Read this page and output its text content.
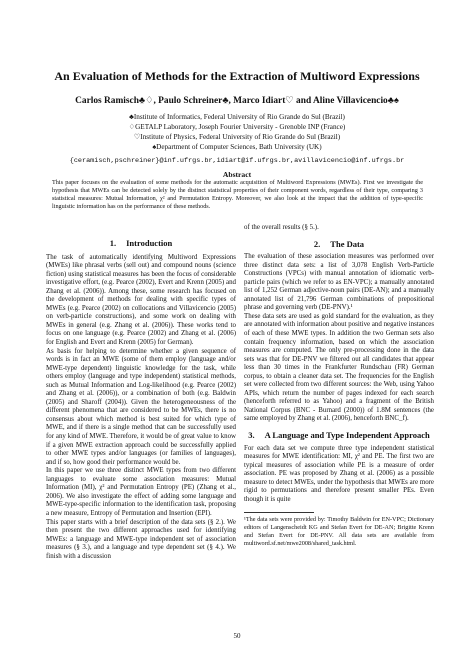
An Evaluation of Methods for the Extraction of Multiword Expressions
Carlos Ramisch♣♢, Paulo Schreiner♣, Marco Idiart♡ and Aline Villavicencio♣♠
♣Institute of Informatics, Federal University of Rio Grande do Sul (Brazil)
♢GETALP Laboratory, Joseph Fourier University - Grenoble INP (France)
♡Institute of Physics, Federal University of Rio Grande do Sul (Brazil)
♠Department of Computer Sciences, Bath University (UK)
{ceramisch,pschreiner}@inf.ufrgs.br,idiart@if.ufrgs.br,avillavicencio@inf.ufrgs.br
Abstract
This paper focuses on the evaluation of some methods for the automatic acquisition of Multiword Expressions (MWEs). First we investigate the hypothesis that MWEs can be detected solely by the distinct statistical properties of their component words, regardless of their type, comparing 3 statistical measures: Mutual Information, χ² and Permutation Entropy. Moreover, we also look at the impact that the addition of type-specific linguistic information has on the performance of these methods.

1. Introduction

The task of automatically identifying Multiword Expressions (MWEs) like phrasal verbs (sell out) and compound nouns (science fiction) using statistical measures has been the focus of considerable investigative effort, (e.g. Pearce (2002), Evert and Krenn (2005) and Zhang et al. (2006)). Among these, some research has focused on the development of methods for dealing with specific types of MWEs (e.g. Pearce (2002) on collocations and Villavicencio (2005) on verb-particle constructions), and some work on dealing with MWEs in general (e.g. Zhang et al. (2006)). These works tend to focus on one language (e.g. Pearce (2002) and Zhang et al. (2006) for English and Evert and Krenn (2005) for German).

As basis for helping to determine whether a given sequence of words is in fact an MWE (some of them employ (language and/or MWE-type dependent) linguistic knowledge for the task, while others employ (language and type independent) statistical methods, such as Mutual Information and Log-likelihood (e.g. Pearce (2002) and Zhang et al. (2006)), or a combination of both (e.g. Baldwin (2005) and Sharoff (2004)). Given the heterogeneousness of the different phenomena that are considered to be MWEs, there is no consensus about which method is best suited for which type of MWE, and if there is a single method that can be successfully used for any kind of MWE. Therefore, it would be of great value to know if a given MWE extraction approach could be successfully applied to other MWE types and/or languages (or families of languages), and if so, how good their performance would be.

In this paper we use three distinct MWE types from two different languages to evaluate some association measures: Mutual Information (MI), χ² and Permutation Entropy (PE) (Zhang et al., 2006). We also investigate the effect of adding some language and MWE-type-specific information to the identification task, proposing a new measure, Entropy of Permutation and Insertion (EPI).

This paper starts with a brief description of the data sets (§ 2.). We then present the two different approaches used for identifying MWEs: a language and MWE-type independent set of association measures (§ 3.), and a language and type dependent set (§ 4.). We finish with a discussion

of the overall results (§ 5.).

2. The Data

The evaluation of these association measures was performed over three distinct data sets: a list of 3,078 English Verb-Particle Constructions (VPCs) with manual annotation of idiomatic verb-particle pairs (which we refer to as EN-VPC); a manually annotated list of 1,252 German adjective-noun pairs (DE-AN); and a manually annotated list of 21,796 German combinations of prepositional phrase and governing verb (DE-PNV).¹

These data sets are used as gold standard for the evaluation, as they are annotated with information about positive and negative instances of each of these MWE types. In addition the two German sets also contain frequency information, based on which the association measures are computed. The only pre-processing done in the data sets was that for DE-PNV we filtered out all candidates that appear less than 30 times in the Frankfurter Rundschau (FR) German corpus, to obtain a cleaner data set. The frequencies for the English set were collected from two different sources: the Web, using Yahoo APIs, which return the number of pages indexed for each search (henceforth referred to as Yahoo) and a fragment of the British National Corpus (BNC - Burnard (2000)) of 1.8M sentences (the same employed by Zhang et al. (2006), henceforth BNC_f).

3. A Language and Type Independent Approach

For each data set we compute three type independent statistical measures for MWE identification: MI, χ² and PE. The first two are typical measures of association while PE is a measure of order association. PE was proposed by Zhang et al. (2006) as a possible measure to detect MWEs, under the hypothesis that MWEs are more rigid to permutations and therefore present smaller PEs. Even though it is quite

¹The data sets were provided by: Timothy Baldwin for EN-VPC; Dictionary editors of Langenscheidt KG and Stefan Evert for DE-AN; Brigitte Krenn and Stefan Evert for DE-PNV. All data sets are available from multiword.sf.net/mwe2008/shared_task.html.

50
